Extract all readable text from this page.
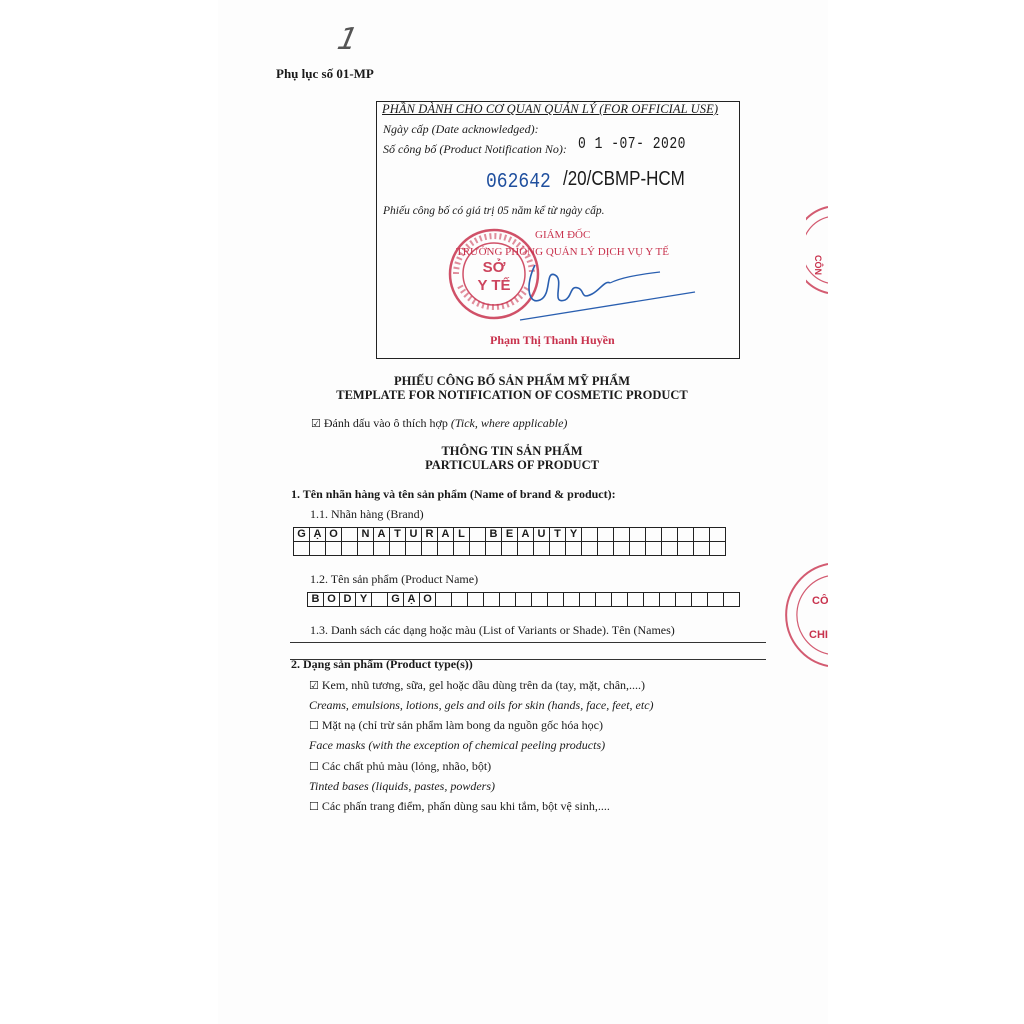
1
Phụ lục số 01-MP
PHẦN DÀNH CHO CƠ QUAN QUẢN LÝ (FOR OFFICIAL USE)
Ngày cấp (Date acknowledged):
Số công bố (Product Notification No): 0 1 -07- 2020
062642 /20/CBMP-HCM
Phiếu công bố có giá trị 05 năm kể từ ngày cấp.
GIÁM ĐỐC
TRƯỞNG PHÒNG QUẢN LÝ DỊCH VỤ Y TẾ
SỞ
Y TẾ
Phạm Thị Thanh Huyền
PHIẾU CÔNG BỐ SẢN PHẨM MỸ PHẨM
TEMPLATE FOR NOTIFICATION OF COSMETIC PRODUCT
☑ Đánh dấu vào ô thích hợp (Tick, where applicable)
THÔNG TIN SẢN PHẨM
PARTICULARS OF PRODUCT
1. Tên nhãn hàng và tên sản phẩm (Name of brand & product):
1.1. Nhãn hàng (Brand)
G	Ạ	O		N	A	T	U	R	A	L		B	E	A	U	T	Y									

1.2. Tên sản phẩm (Product Name)
B	O	D	Y		G	Ạ	O																			
1.3. Danh sách các dạng hoặc màu (List of Variants or Shade). Tên (Names)
2. Dạng sản phẩm (Product type(s))
☑ Kem, nhũ tương, sữa, gel hoặc dầu dùng trên da (tay, mặt, chân,....)
Creams, emulsions, lotions, gels and oils for skin (hands, face, feet, etc)
☐ Mặt nạ (chỉ trừ sản phẩm làm bong da nguồn gốc hóa học)
Face masks (with the exception of chemical peeling products)
☐ Các chất phủ màu (lỏng, nhão, bột)
Tinted bases (liquids, pastes, powders)
☐ Các phấn trang điểm, phấn dùng sau khi tắm, bột vệ sinh,....
CÔN
CÔ
CHI
